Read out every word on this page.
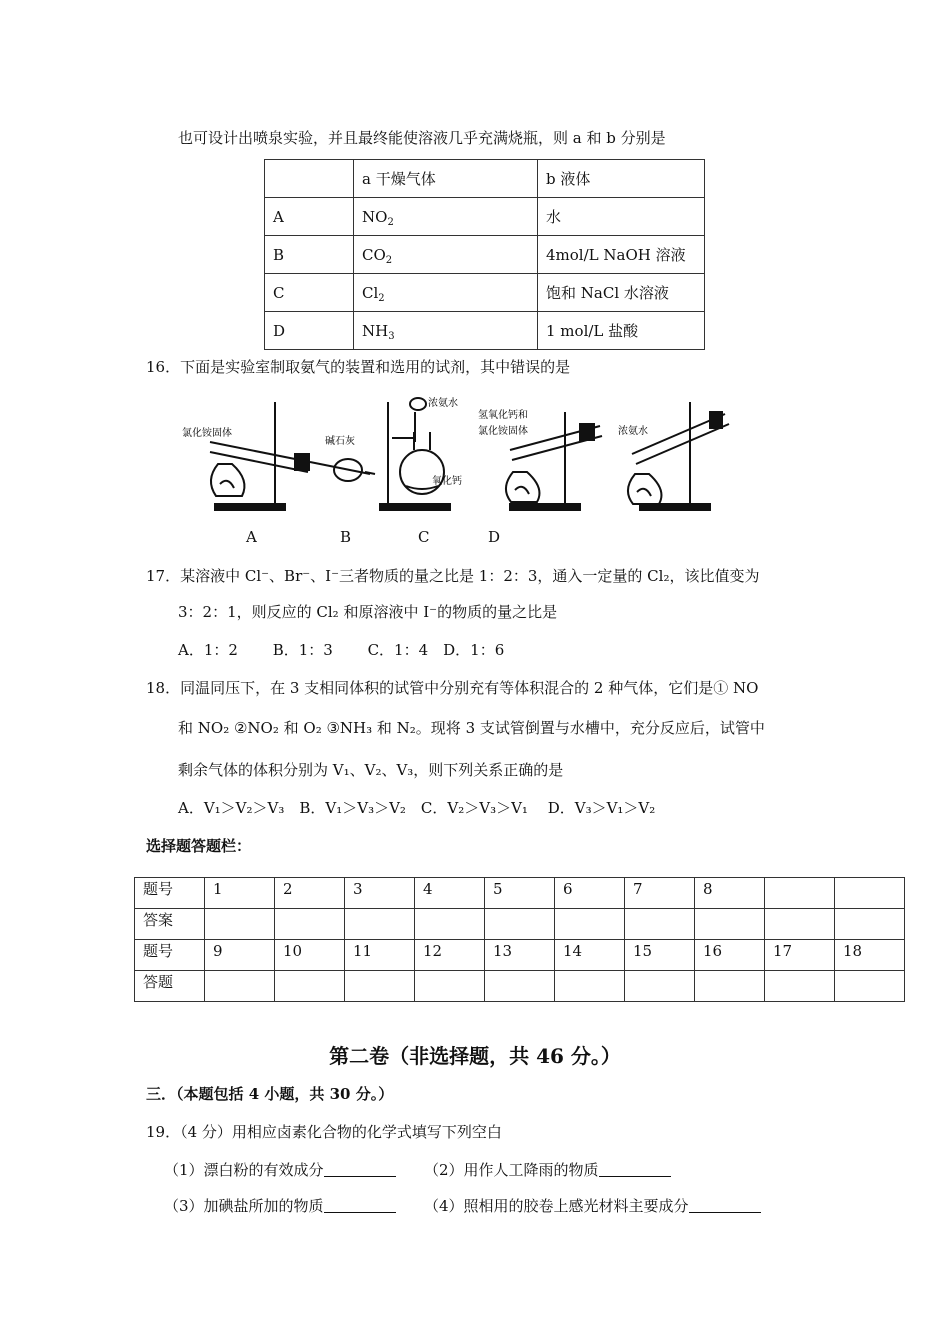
也可设计出喷泉实验，并且最终能使溶液几乎充满烧瓶，则 a 和 b 分别是
	a 干燥气体	b 液体
A	$NO_2$	水
B	$CO_2$	4mol/L NaOH 溶液
C	$Cl_2$	饱和 NaCl 水溶液
D	$NH_3$	1 mol/L 盐酸
16．下面是实验室制取氨气的装置和选用的试剂，其中错误的是
氯化铵固体
碱石灰
浓氨水
氧化钙
氢氧化钙和
氯化铵固体	浓氨水
A	B	C	D
17．某溶液中 Cl⁻、Br⁻、I⁻三者物质的量之比是 1：2：3，通入一定量的 Cl₂，该比值变为
3：2：1，则反应的 Cl₂ 和原溶液中 I⁻的物质的量之比是
A．1：2　 　B．1：3　 　C．1：4　D．1：6
18．同温同压下，在 3 支相同体积的试管中分别充有等体积混合的 2 种气体，它们是① NO
和 NO₂ ②NO₂ 和 O₂ ③NH₃ 和 N₂。现将 3 支试管倒置与水槽中，充分反应后，试管中
剩余气体的体积分别为 V₁、V₂、V₃，则下列关系正确的是
A．V₁＞V₂＞V₃　B．V₁＞V₃＞V₂　C．V₂＞V₃＞V₁　 D．V₃＞V₁＞V₂
选择题答题栏：
题号	1	2	3	4	5	6	7	8		
答案										
题号	9	10	11	12	13	14	15	16	17	18
答题										
第二卷（非选择题，共 46 分。）
三．（本题包括 4 小题，共 30 分。）
19．（4 分）用相应卤素化合物的化学式填写下列空白
（1）漂白粉的有效成分	（2）用作人工降雨的物质
（3）加碘盐所加的物质	（4）照相用的胶卷上感光材料主要成分
